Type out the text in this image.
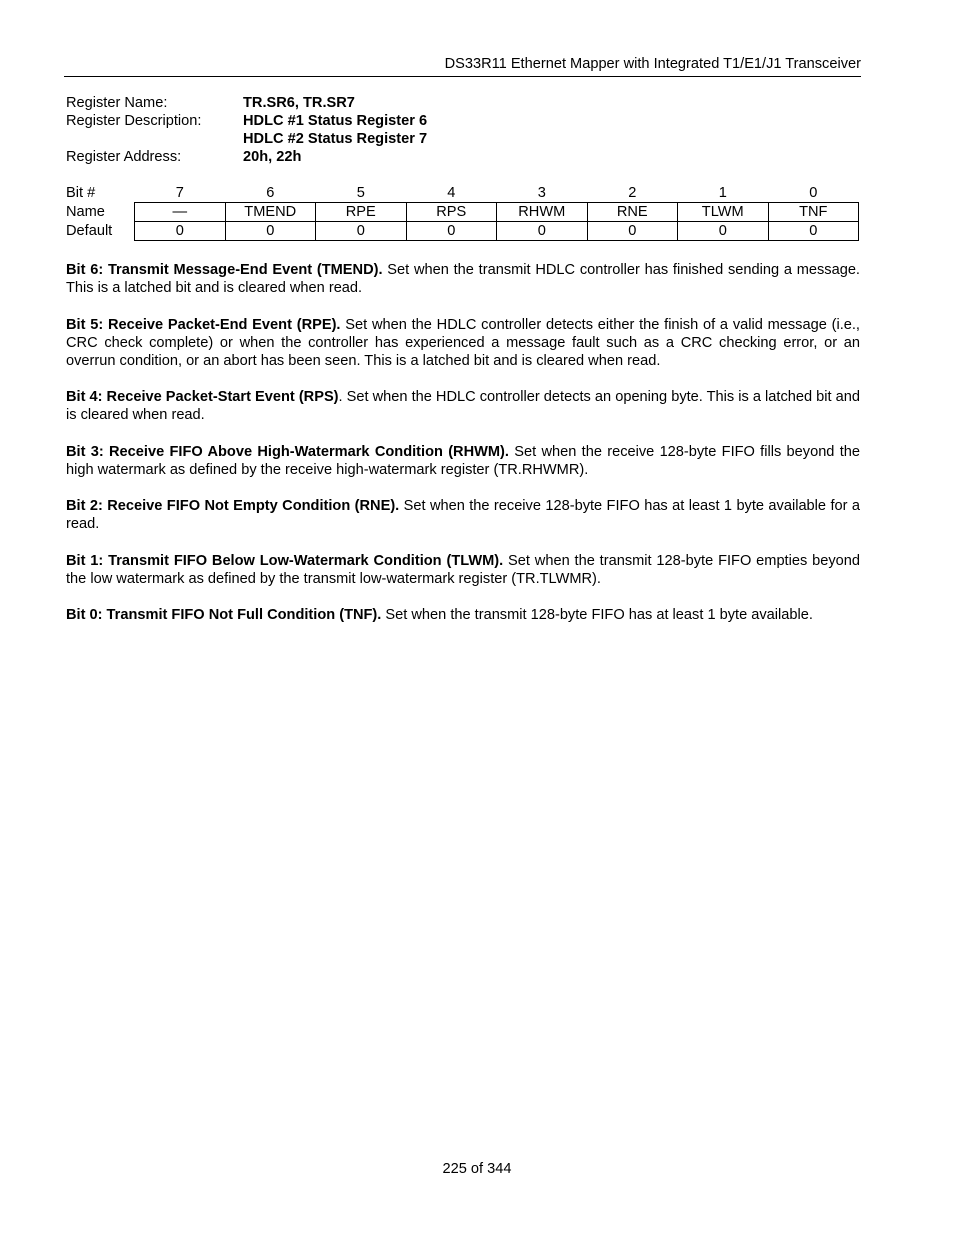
DS33R11 Ethernet Mapper with Integrated T1/E1/J1 Transceiver
Register Name:	TR.SR6, TR.SR7
Register Description:	HDLC #1 Status Register 6
HDLC #2 Status Register 7
Register Address:	20h, 22h
Bit #	7	6	5	4	3	2	1	0
Name	—	TMEND	RPE	RPS	RHWM	RNE	TLWM	TNF
Default	0	0	0	0	0	0	0	0

Bit 6: Transmit Message-End Event (TMEND). Set when the transmit HDLC controller has finished sending a message. This is a latched bit and is cleared when read.

Bit 5: Receive Packet-End Event (RPE). Set when the HDLC controller detects either the finish of a valid message (i.e., CRC check complete) or when the controller has experienced a message fault such as a CRC checking error, or an overrun condition, or an abort has been seen. This is a latched bit and is cleared when read.

Bit 4: Receive Packet-Start Event (RPS). Set when the HDLC controller detects an opening byte. This is a latched bit and is cleared when read.

Bit 3: Receive FIFO Above High-Watermark Condition (RHWM). Set when the receive 128-byte FIFO fills beyond the high watermark as defined by the receive high-watermark register (TR.RHWMR).

Bit 2: Receive FIFO Not Empty Condition (RNE). Set when the receive 128-byte FIFO has at least 1 byte available for a read.

Bit 1: Transmit FIFO Below Low-Watermark Condition (TLWM). Set when the transmit 128-byte FIFO empties beyond the low watermark as defined by the transmit low-watermark register (TR.TLWMR).

Bit 0: Transmit FIFO Not Full Condition (TNF). Set when the transmit 128-byte FIFO has at least 1 byte available.

225 of 344
